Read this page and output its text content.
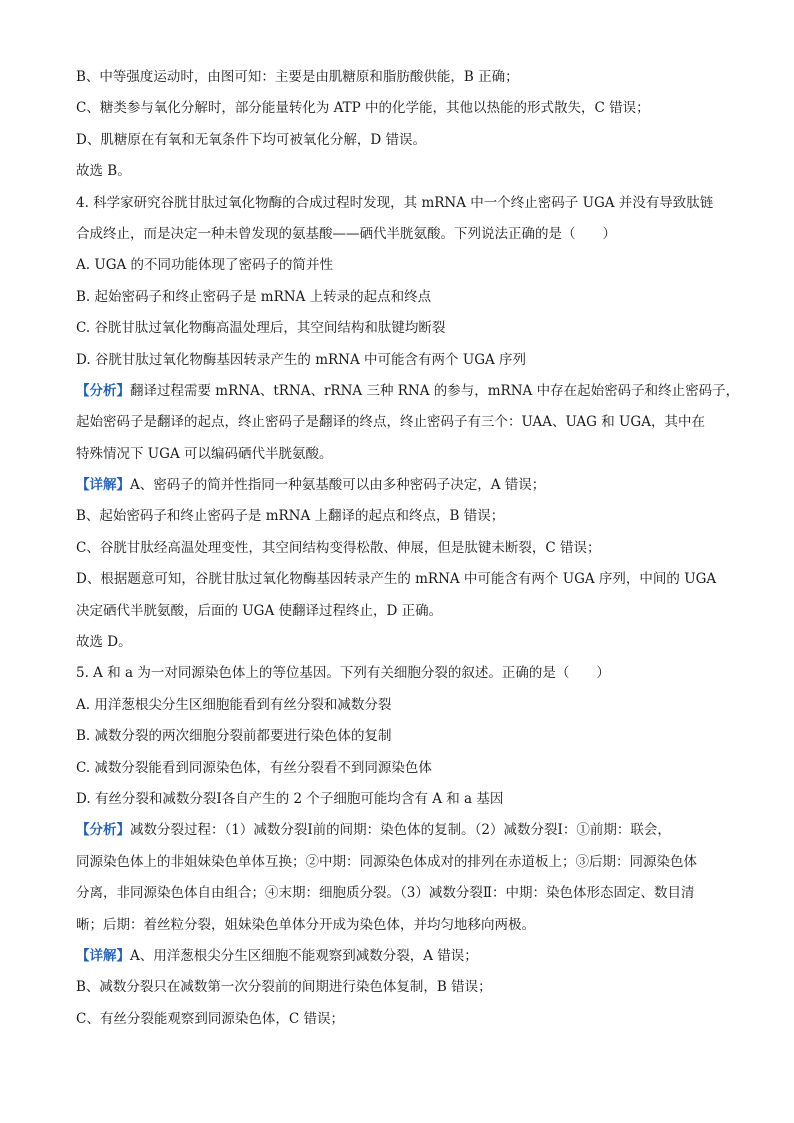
B、中等强度运动时，由图可知：主要是由肌糖原和脂肪酸供能，B 正确；
C、糖类参与氧化分解时，部分能量转化为 ATP 中的化学能，其他以热能的形式散失，C 错误；
D、肌糖原在有氧和无氧条件下均可被氧化分解，D 错误。
故选 B。
4. 科学家研究谷胱甘肽过氧化物酶的合成过程时发现，其 mRNA 中一个终止密码子 UGA 并没有导致肽链
合成终止，而是决定一种未曾发现的氨基酸——硒代半胱氨酸。下列说法正确的是（　　）
A. UGA 的不同功能体现了密码子的简并性
B. 起始密码子和终止密码子是 mRNA 上转录的起点和终点
C. 谷胱甘肽过氧化物酶高温处理后，其空间结构和肽键均断裂
D. 谷胱甘肽过氧化物酶基因转录产生的 mRNA 中可能含有两个 UGA 序列
【分析】翻译过程需要 mRNA、tRNA、rRNA 三种 RNA 的参与，mRNA 中存在起始密码子和终止密码子，
起始密码子是翻译的起点，终止密码子是翻译的终点，终止密码子有三个：UAA、UAG 和 UGA，其中在
特殊情况下 UGA 可以编码硒代半胱氨酸。
【详解】A、密码子的简并性指同一种氨基酸可以由多种密码子决定，A 错误；
B、起始密码子和终止密码子是 mRNA 上翻译的起点和终点，B 错误；
C、谷胱甘肽经高温处理变性，其空间结构变得松散、伸展，但是肽键未断裂，C 错误；
D、根据题意可知，谷胱甘肽过氧化物酶基因转录产生的 mRNA 中可能含有两个 UGA 序列，中间的 UGA
决定硒代半胱氨酸，后面的 UGA 使翻译过程终止，D 正确。
故选 D。
5. A 和 a 为一对同源染色体上的等位基因。下列有关细胞分裂的叙述。正确的是（　　）
A. 用洋葱根尖分生区细胞能看到有丝分裂和减数分裂
B. 减数分裂的两次细胞分裂前都要进行染色体的复制
C. 减数分裂能看到同源染色体，有丝分裂看不到同源染色体
D. 有丝分裂和减数分裂Ⅰ各自产生的 2 个子细胞可能均含有 A 和 a 基因
【分析】减数分裂过程：（1）减数分裂Ⅰ前的间期：染色体的复制。（2）减数分裂Ⅰ：①前期：联会，
同源染色体上的非姐妹染色单体互换；②中期：同源染色体成对的排列在赤道板上；③后期：同源染色体
分离，非同源染色体自由组合；④末期：细胞质分裂。（3）减数分裂Ⅱ：中期：染色体形态固定、数目清
晰；后期：着丝粒分裂，姐妹染色单体分开成为染色体，并均匀地移向两极。
【详解】A、用洋葱根尖分生区细胞不能观察到减数分裂，A 错误；
B、减数分裂只在减数第一次分裂前的间期进行染色体复制，B 错误；
C、有丝分裂能观察到同源染色体，C 错误；
